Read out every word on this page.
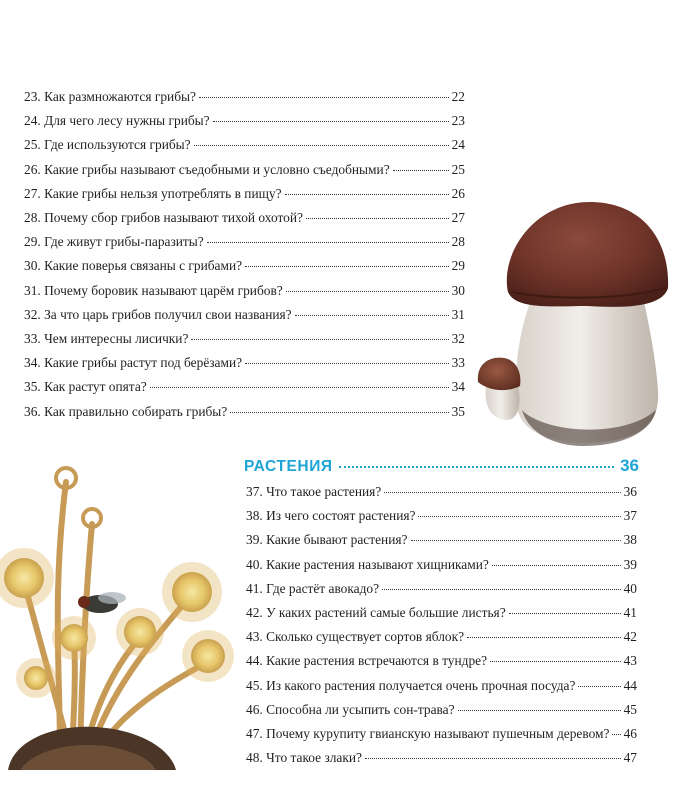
23. Как размножаются грибы?	22
24. Для чего лесу нужны грибы?	23
25. Где используются грибы?	24
26. Какие грибы называют съедобными и условно съедобными?	25
27. Какие грибы нельзя употреблять в пищу?	26
28. Почему сбор грибов называют тихой охотой?	27
29. Где живут грибы-паразиты?	28
30. Какие поверья связаны с грибами?	29
31. Почему боровик называют царём грибов?	30
32. За что царь грибов получил свои названия?	31
33. Чем интересны лисички?	32
34. Какие грибы растут под берёзами?	33
35. Как растут опята?	34
36. Как правильно собирать грибы?	35
РАСТЕНИЯ	36
37. Что такое растения?	36
38. Из чего состоят растения?	37
39. Какие бывают растения?	38
40. Какие растения называют хищниками?	39
41. Где растёт авокадо?	40
42. У каких растений самые большие листья?	41
43. Сколько существует сортов яблок?	42
44. Какие растения встречаются в тундре?	43
45. Из какого растения получается очень прочная посуда?	44
46. Способна ли усыпить сон-трава?	45
47. Почему курупиту гвианскую называют пушечным деревом? 46
48. Что такое злаки?	47
